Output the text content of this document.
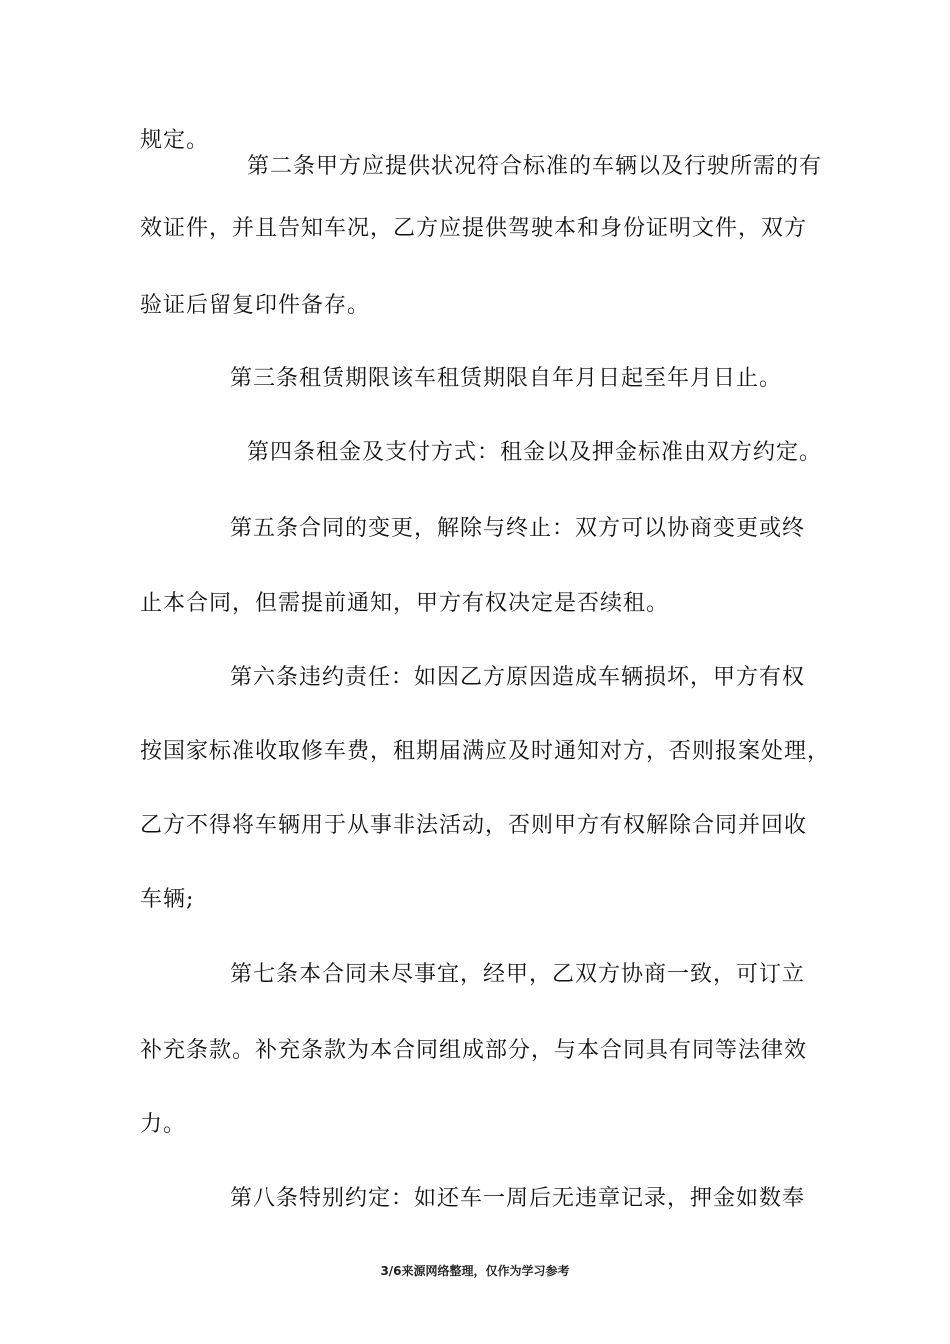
规定。
第二条甲方应提供状况符合标准的车辆以及行驶所需的有
效证件，并且告知车况，乙方应提供驾驶本和身份证明文件，双方
验证后留复印件备存。
第三条租赁期限该车租赁期限自年月日起至年月日止。
第四条租金及支付方式：租金以及押金标准由双方约定。
第五条合同的变更，解除与终止：双方可以协商变更或终
止本合同，但需提前通知，甲方有权决定是否续租。
第六条违约责任：如因乙方原因造成车辆损坏，甲方有权
按国家标准收取修车费，租期届满应及时通知对方，否则报案处理，
乙方不得将车辆用于从事非法活动，否则甲方有权解除合同并回收
车辆;
第七条本合同未尽事宜，经甲，乙双方协商一致，可订立
补充条款。补充条款为本合同组成部分，与本合同具有同等法律效
力。
第八条特别约定：如还车一周后无违章记录，押金如数奉
3/6来源网络整理，仅作为学习参考
